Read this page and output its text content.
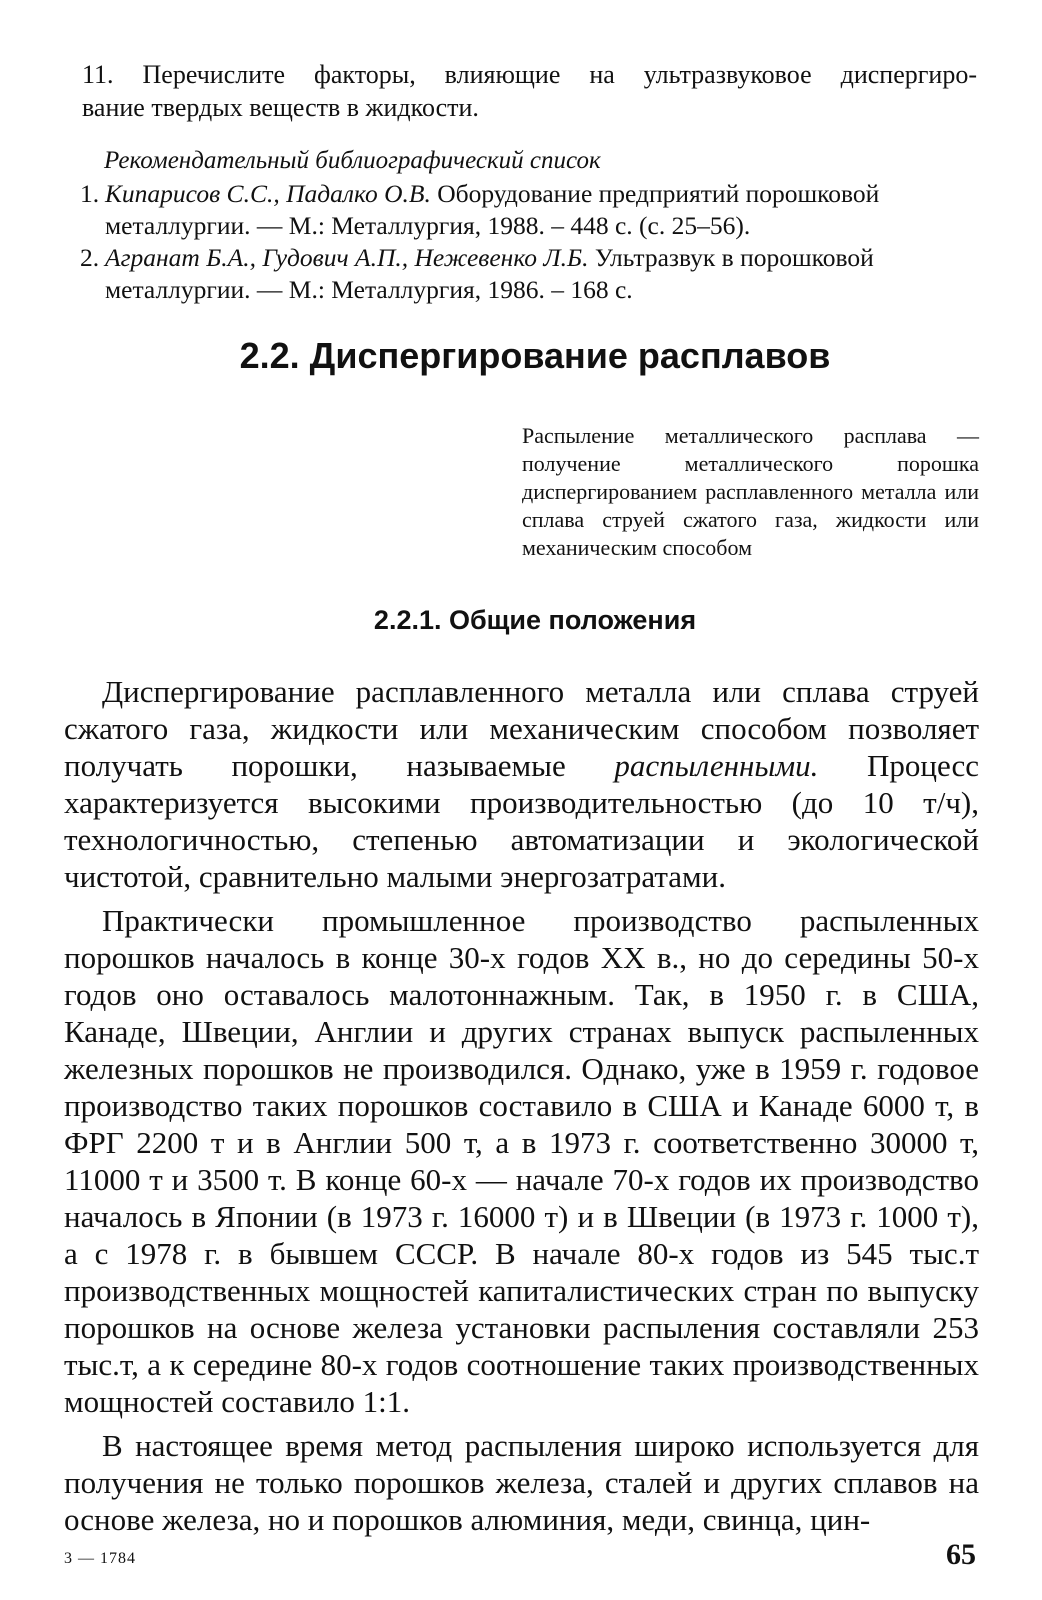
11. Перечислите факторы, влияющие на ультразвуковое диспергиро-
вание твердых веществ в жидкости.
Рекомендательный библиографический список
1. Кипарисов С.С., Падалко О.В. Оборудование предприятий порошковой металлургии. — М.: Металлургия, 1988. – 448 с. (с. 25–56).
2. Агранат Б.А., Гудович А.П., Нежевенко Л.Б. Ультразвук в порошковой металлургии. — М.: Металлургия, 1986. – 168 с.
2.2. Диспергирование расплавов
Распыление металлического расплава — получение металлического порошка диспергированием расплавленного металла или сплава струей сжатого газа, жидкости или механическим способом
2.2.1. Общие положения

Диспергирование расплавленного металла или сплава струей сжатого газа, жидкости или механическим способом позволяет получать порошки, называемые распыленными. Процесс характеризуется высокими производительностью (до 10 т/ч), технологичностью, степенью автоматизации и экологической чистотой, сравнительно малыми энергозатратами.

Практически промышленное производство распыленных порошков началось в конце 30-х годов XX в., но до середины 50-х годов оно оставалось малотоннажным. Так, в 1950 г. в США, Канаде, Швеции, Англии и других странах выпуск распыленных железных порошков не производился. Однако, уже в 1959 г. годовое производство таких порошков составило в США и Канаде 6000 т, в ФРГ 2200 т и в Англии 500 т, а в 1973 г. соответственно 30000 т, 11000 т и 3500 т. В конце 60-х — начале 70-х годов их производство началось в Японии (в 1973 г. 16000 т) и в Швеции (в 1973 г. 1000 т), а с 1978 г. в бывшем СССР. В начале 80-х годов из 545 тыс.т производственных мощностей капиталистических стран по выпуску порошков на основе железа установки распыления составляли 253 тыс.т, а к середине 80-х годов соотношение таких производственных мощностей составило 1:1.

В настоящее время метод распыления широко используется для получения не только порошков железа, сталей и других сплавов на основе железа, но и порошков алюминия, меди, свинца, цин-

3 — 1784	65
